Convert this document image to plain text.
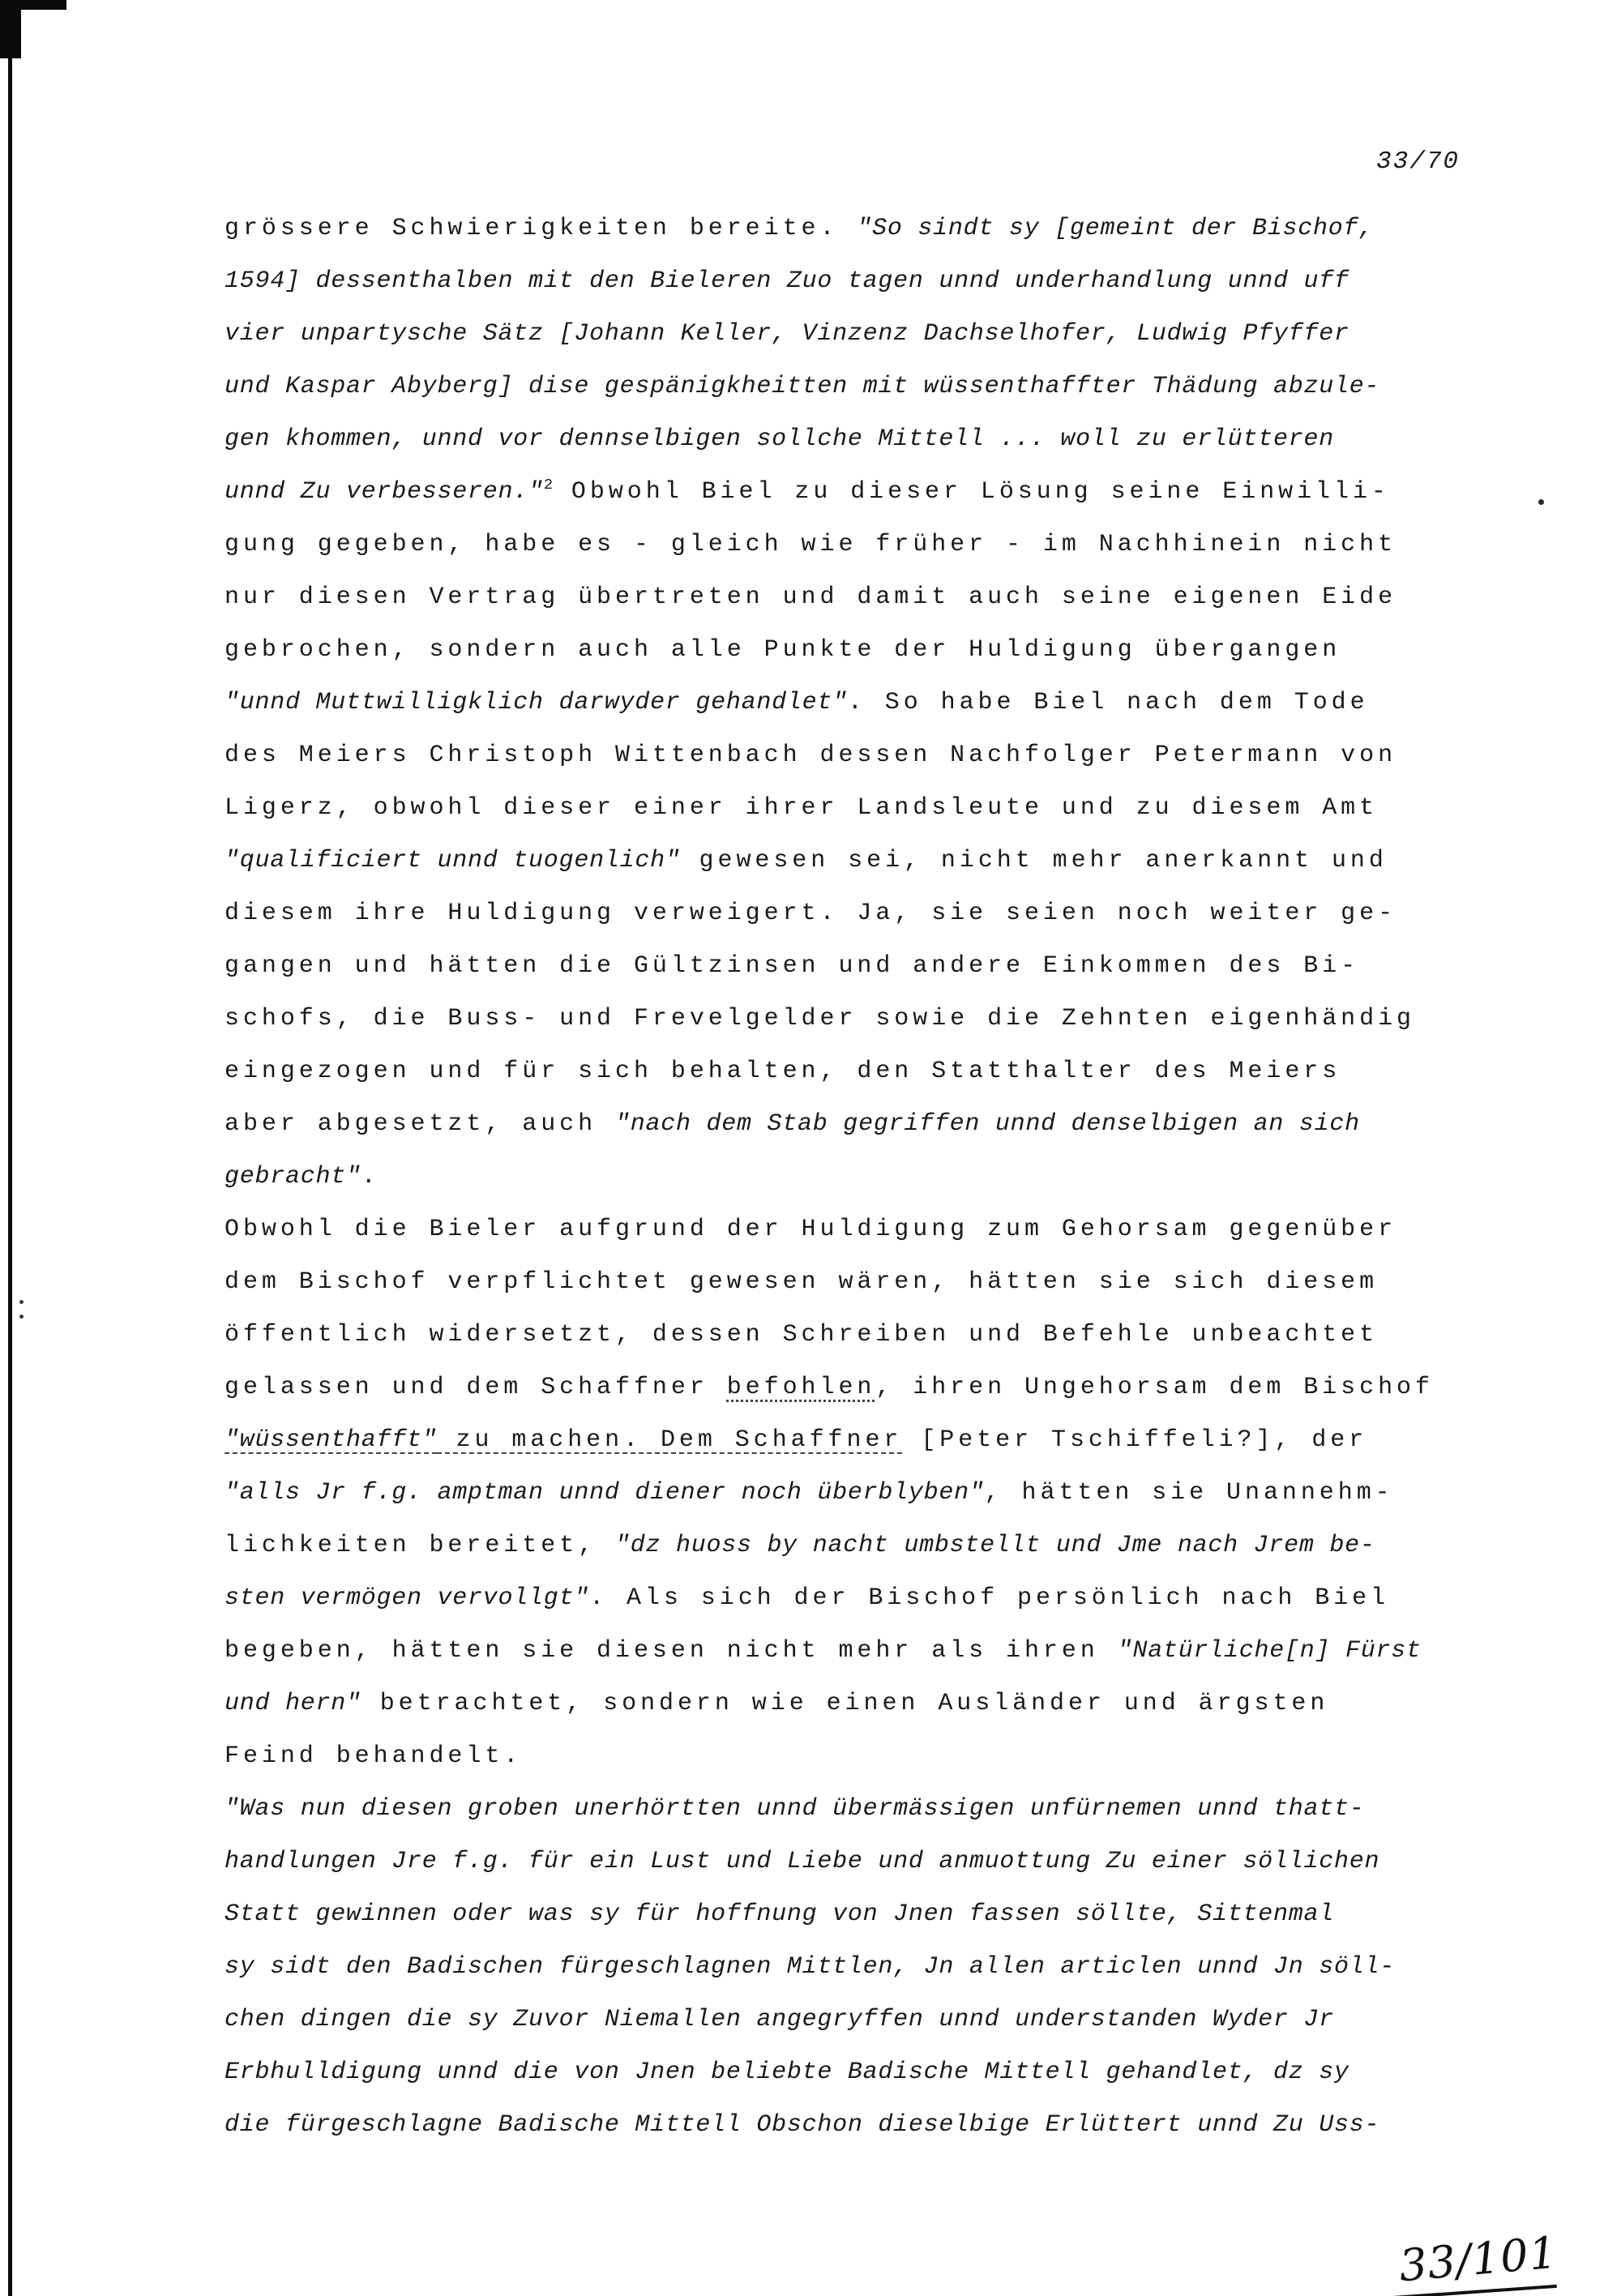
33/70
grössere Schwierigkeiten bereite. "So sindt sy [gemeint der Bischof,
1594] dessenthalben mit den Bieleren Zuo tagen unnd underhandlung unnd uff
vier unpartysche Sätz [Johann Keller, Vinzenz Dachselhofer, Ludwig Pfyffer
und Kaspar Abyberg] dise gespänigkheitten mit wüssenthaffter Thädung abzule-
gen khommen, unnd vor dennselbigen sollche Mittell ... woll zu erlütteren
unnd Zu verbesseren."$^2$ Obwohl Biel zu dieser Lösung seine Einwilli-
gung gegeben, habe es - gleich wie früher - im Nachhinein nicht
nur diesen Vertrag übertreten und damit auch seine eigenen Eide
gebrochen, sondern auch alle Punkte der Huldigung übergangen
"unnd Muttwilligklich darwyder gehandlet". So habe Biel nach dem Tode
des Meiers Christoph Wittenbach dessen Nachfolger Petermann von
Ligerz, obwohl dieser einer ihrer Landsleute und zu diesem Amt
"qualificiert unnd tuogenlich" gewesen sei, nicht mehr anerkannt und
diesem ihre Huldigung verweigert. Ja, sie seien noch weiter ge-
gangen und hätten die Gültzinsen und andere Einkommen des Bi-
schofs, die Buss- und Frevelgelder sowie die Zehnten eigenhändig
eingezogen und für sich behalten, den Statthalter des Meiers
aber abgesetzt, auch "nach dem Stab gegriffen unnd denselbigen an sich
gebracht".
Obwohl die Bieler aufgrund der Huldigung zum Gehorsam gegenüber
dem Bischof verpflichtet gewesen wären, hätten sie sich diesem
öffentlich widersetzt, dessen Schreiben und Befehle unbeachtet
gelassen und dem Schaffner befohlen, ihren Ungehorsam dem Bischof
"wüssenthafft" zu machen. Dem Schaffner [Peter Tschiffeli?], der
"alls Jr f.g. amptman unnd diener noch überblyben", hätten sie Unannehm-
lichkeiten bereitet, "dz huoss by nacht umbstellt und Jme nach Jrem be-
sten vermögen vervollgt". Als sich der Bischof persönlich nach Biel
begeben, hätten sie diesen nicht mehr als ihren "Natürliche[n] Fürst
und hern" betrachtet, sondern wie einen Ausländer und ärgsten
Feind behandelt.
"Was nun diesen groben unerhörtten unnd übermässigen unfürnemen unnd thatt-
handlungen Jre f.g. für ein Lust und Liebe und anmuottung Zu einer söllichen
Statt gewinnen oder was sy für hoffnung von Jnen fassen söllte, Sittenmal
sy sidt den Badischen fürgeschlagnen Mittlen, Jn allen articlen unnd Jn söll-
chen dingen die sy Zuvor Niemallen angegryffen unnd understanden Wyder Jr
Erbhulldigung unnd die von Jnen beliebte Badische Mittell gehandlet, dz sy
die fürgeschlagne Badische Mittell Obschon dieselbige Erlüttert unnd Zu Uss-
33/101
